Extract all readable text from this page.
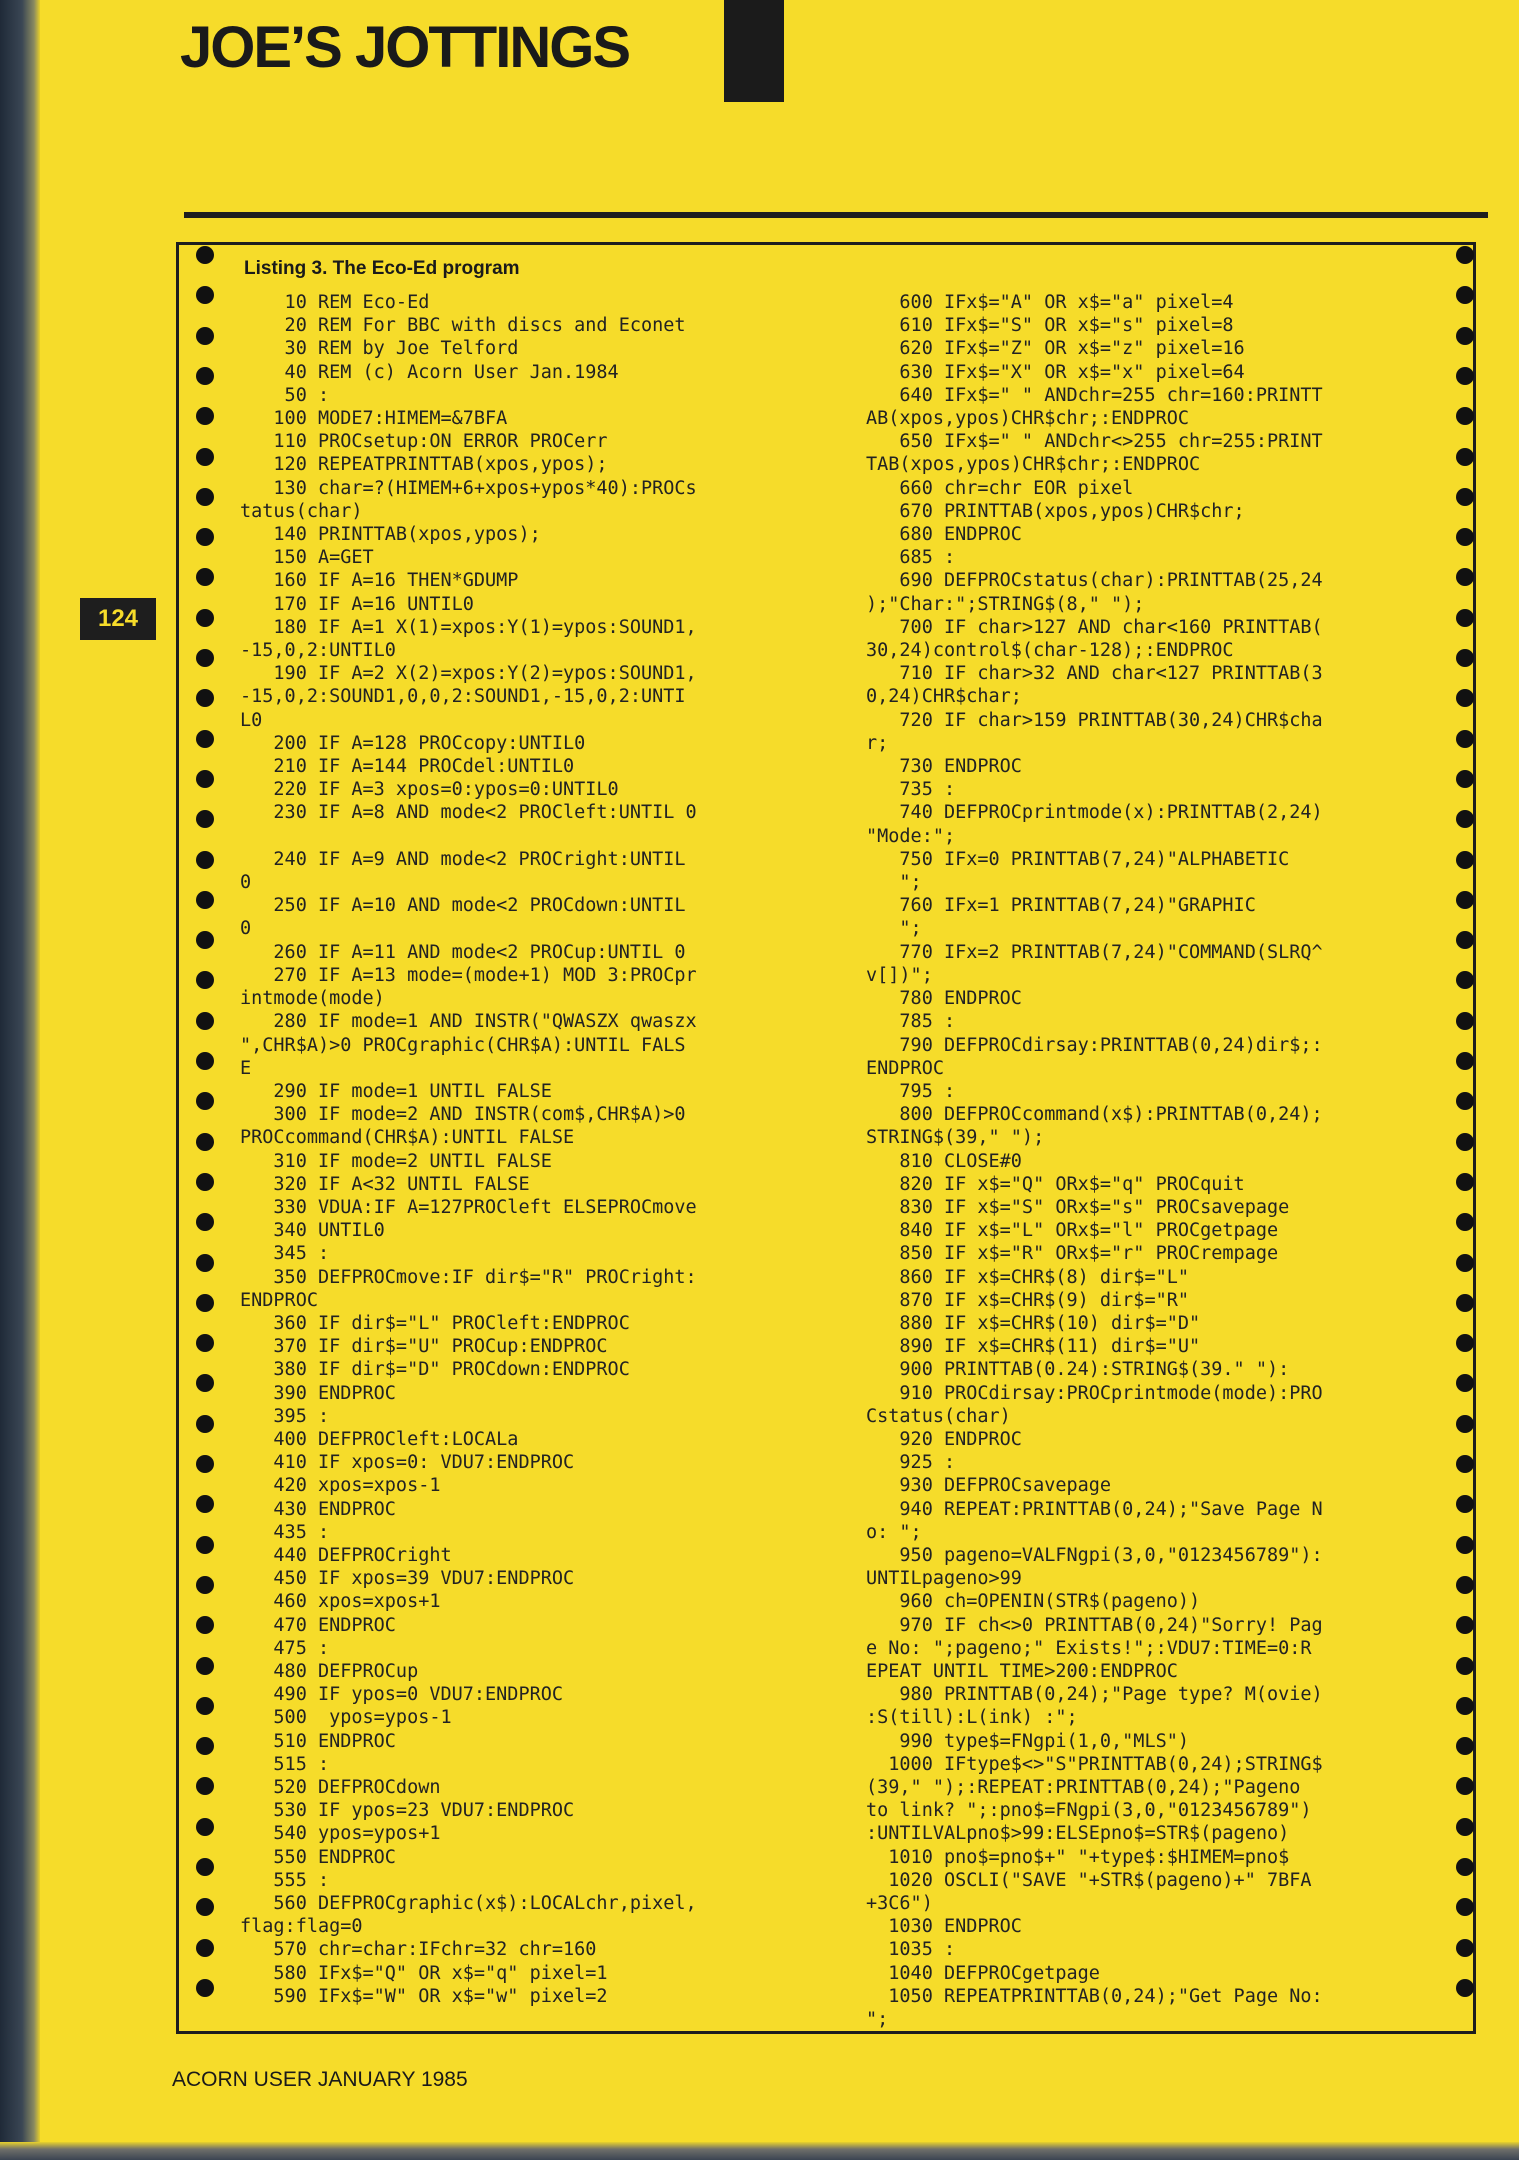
JOE’S JOTTINGS
124
Listing 3. The Eco-Ed program
10 REM Eco-Ed
20 REM For BBC with discs and Econet
30 REM by Joe Telford
40 REM (c) Acorn User Jan.1984
50 :
100 MODE7:HIMEM=&7BFA
110 PROCsetup:ON ERROR PROCerr
120 REPEATPRINTTAB(xpos,ypos);
130 char=?(HIMEM+6+xpos+ypos*40):PROCs
tatus(char)
140 PRINTTAB(xpos,ypos);
150 A=GET
160 IF A=16 THEN*GDUMP
170 IF A=16 UNTIL0
180 IF A=1 X(1)=xpos:Y(1)=ypos:SOUND1,
-15,0,2:UNTIL0
190 IF A=2 X(2)=xpos:Y(2)=ypos:SOUND1,
-15,0,2:SOUND1,0,0,2:SOUND1,-15,0,2:UNTI
L0
200 IF A=128 PROCcopy:UNTIL0
210 IF A=144 PROCdel:UNTIL0
220 IF A=3 xpos=0:ypos=0:UNTIL0
230 IF A=8 AND mode<2 PROCleft:UNTIL 0

240 IF A=9 AND mode<2 PROCright:UNTIL
0
250 IF A=10 AND mode<2 PROCdown:UNTIL
0
260 IF A=11 AND mode<2 PROCup:UNTIL 0
270 IF A=13 mode=(mode+1) MOD 3:PROCpr
intmode(mode)
280 IF mode=1 AND INSTR("QWASZX qwaszx
",CHR$A)>0 PROCgraphic(CHR$A):UNTIL FALS
E
290 IF mode=1 UNTIL FALSE
300 IF mode=2 AND INSTR(com$,CHR$A)>0
PROCcommand(CHR$A):UNTIL FALSE
310 IF mode=2 UNTIL FALSE
320 IF A<32 UNTIL FALSE
330 VDUA:IF A=127PROCleft ELSEPROCmove
340 UNTIL0
345 :
350 DEFPROCmove:IF dir$="R" PROCright:
ENDPROC
360 IF dir$="L" PROCleft:ENDPROC
370 IF dir$="U" PROCup:ENDPROC
380 IF dir$="D" PROCdown:ENDPROC
390 ENDPROC
395 :
400 DEFPROCleft:LOCALa
410 IF xpos=0: VDU7:ENDPROC
420 xpos=xpos-1
430 ENDPROC
435 :
440 DEFPROCright
450 IF xpos=39 VDU7:ENDPROC
460 xpos=xpos+1
470 ENDPROC
475 :
480 DEFPROCup
490 IF ypos=0 VDU7:ENDPROC
500  ypos=ypos-1
510 ENDPROC
515 :
520 DEFPROCdown
530 IF ypos=23 VDU7:ENDPROC
540 ypos=ypos+1
550 ENDPROC
555 :
560 DEFPROCgraphic(x$):LOCALchr,pixel,
flag:flag=0
570 chr=char:IFchr=32 chr=160
580 IFx$="Q" OR x$="q" pixel=1
590 IFx$="W" OR x$="w" pixel=2
600 IFx$="A" OR x$="a" pixel=4
610 IFx$="S" OR x$="s" pixel=8
620 IFx$="Z" OR x$="z" pixel=16
630 IFx$="X" OR x$="x" pixel=64
640 IFx$=" " ANDchr=255 chr=160:PRINTT
AB(xpos,ypos)CHR$chr;:ENDPROC
650 IFx$=" " ANDchr<>255 chr=255:PRINT
TAB(xpos,ypos)CHR$chr;:ENDPROC
660 chr=chr EOR pixel
670 PRINTTAB(xpos,ypos)CHR$chr;
680 ENDPROC
685 :
690 DEFPROCstatus(char):PRINTTAB(25,24
);"Char:";STRING$(8," ");
700 IF char>127 AND char<160 PRINTTAB(
30,24)control$(char-128);:ENDPROC
710 IF char>32 AND char<127 PRINTTAB(3
0,24)CHR$char;
720 IF char>159 PRINTTAB(30,24)CHR$cha
r;
730 ENDPROC
735 :
740 DEFPROCprintmode(x):PRINTTAB(2,24)
"Mode:";
750 IFx=0 PRINTTAB(7,24)"ALPHABETIC
";
760 IFx=1 PRINTTAB(7,24)"GRAPHIC
";
770 IFx=2 PRINTTAB(7,24)"COMMAND(SLRQ^
v[])";
780 ENDPROC
785 :
790 DEFPROCdirsay:PRINTTAB(0,24)dir$;:
ENDPROC
795 :
800 DEFPROCcommand(x$):PRINTTAB(0,24);
STRING$(39," ");
810 CLOSE#0
820 IF x$="Q" ORx$="q" PROCquit
830 IF x$="S" ORx$="s" PROCsavepage
840 IF x$="L" ORx$="l" PROCgetpage
850 IF x$="R" ORx$="r" PROCrempage
860 IF x$=CHR$(8) dir$="L"
870 IF x$=CHR$(9) dir$="R"
880 IF x$=CHR$(10) dir$="D"
890 IF x$=CHR$(11) dir$="U"
900 PRINTTAB(0.24):STRING$(39." "):
910 PROCdirsay:PROCprintmode(mode):PRO
Cstatus(char)
920 ENDPROC
925 :
930 DEFPROCsavepage
940 REPEAT:PRINTTAB(0,24);"Save Page N
o: ";
950 pageno=VALFNgpi(3,0,"0123456789"):
UNTILpageno>99
960 ch=OPENIN(STR$(pageno))
970 IF ch<>0 PRINTTAB(0,24)"Sorry! Pag
e No: ";pageno;" Exists!";:VDU7:TIME=0:R
EPEAT UNTIL TIME>200:ENDPROC
980 PRINTTAB(0,24);"Page type? M(ovie)
:S(till):L(ink) :";
990 type$=FNgpi(1,0,"MLS")
1000 IFtype$<>"S"PRINTTAB(0,24);STRING$
(39," ");:REPEAT:PRINTTAB(0,24);"Pageno
to link? ";:pno$=FNgpi(3,0,"0123456789")
:UNTILVALpno$>99:ELSEpno$=STR$(pageno)
1010 pno$=pno$+" "+type$:$HIMEM=pno$
1020 OSCLI("SAVE "+STR$(pageno)+" 7BFA
+3C6")
1030 ENDPROC
1035 :
1040 DEFPROCgetpage
1050 REPEATPRINTTAB(0,24);"Get Page No:
";
ACORN USER JANUARY 1985
